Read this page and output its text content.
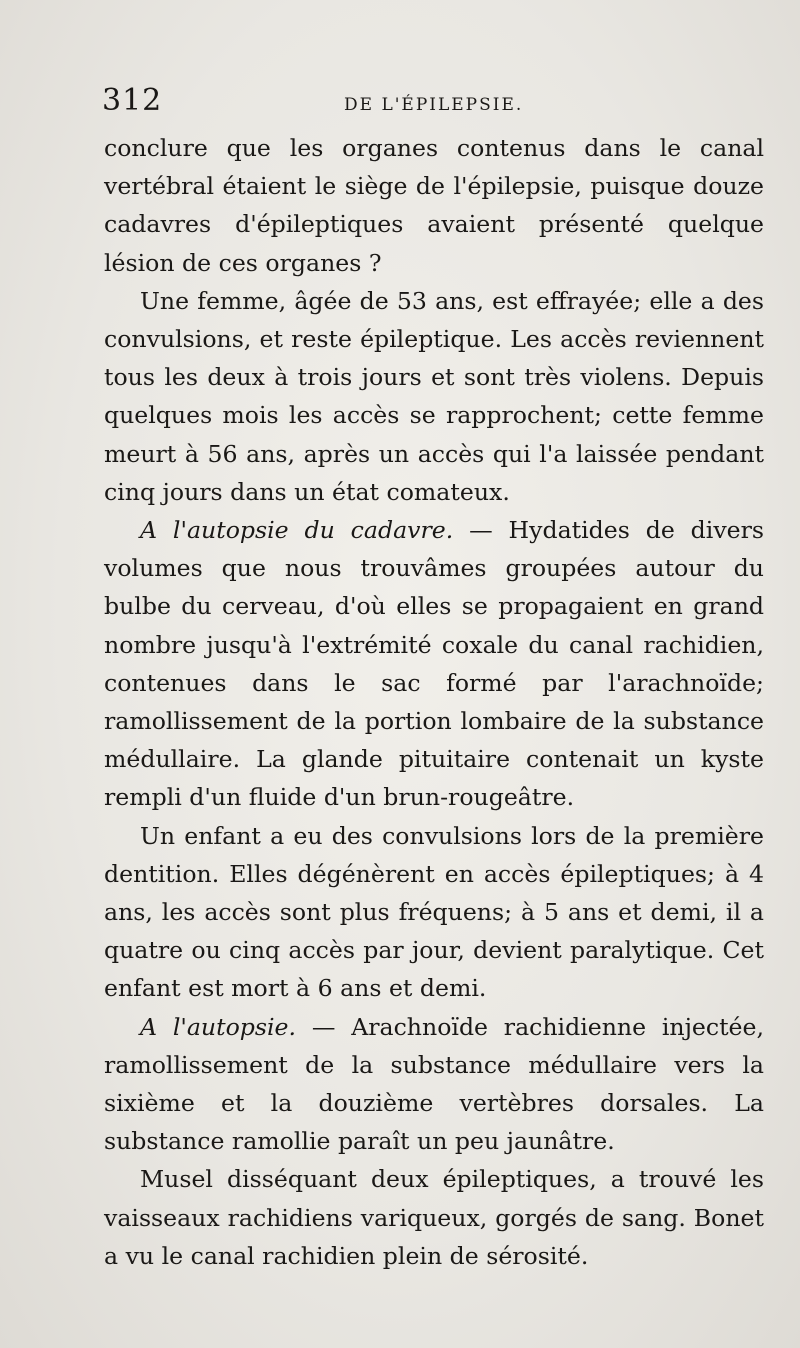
312	DE L'ÉPILEPSIE.

conclure que les organes contenus dans le canal vertébral étaient le siège de l'épilepsie, puisque douze cadavres d'épileptiques avaient présenté quelque lésion de ces organes ?

Une femme, âgée de 53 ans, est effrayée; elle a des convulsions, et reste épileptique. Les accès reviennent tous les deux à trois jours et sont très violens. Depuis quelques mois les accès se rapprochent; cette femme meurt à 56 ans, après un accès qui l'a laissée pendant cinq jours dans un état comateux.

A l'autopsie du cadavre. — Hydatides de divers volumes que nous trouvâmes groupées autour du bulbe du cerveau, d'où elles se propagaient en grand nombre jusqu'à l'extrémité coxale du canal rachidien, contenues dans le sac formé par l'arachnoïde; ramollissement de la portion lombaire de la substance médullaire. La glande pituitaire contenait un kyste rempli d'un fluide d'un brun-rougeâtre.

Un enfant a eu des convulsions lors de la première dentition. Elles dégénèrent en accès épileptiques; à 4 ans, les accès sont plus fréquens; à 5 ans et demi, il a quatre ou cinq accès par jour, devient paralytique. Cet enfant est mort à 6 ans et demi.

A l'autopsie. — Arachnoïde rachidienne injectée, ramollissement de la substance médullaire vers la sixième et la douzième vertèbres dorsales. La substance ramollie paraît un peu jaunâtre.

Musel disséquant deux épileptiques, a trouvé les vaisseaux rachidiens variqueux, gorgés de sang. Bonet a vu le canal rachidien plein de sérosité.
